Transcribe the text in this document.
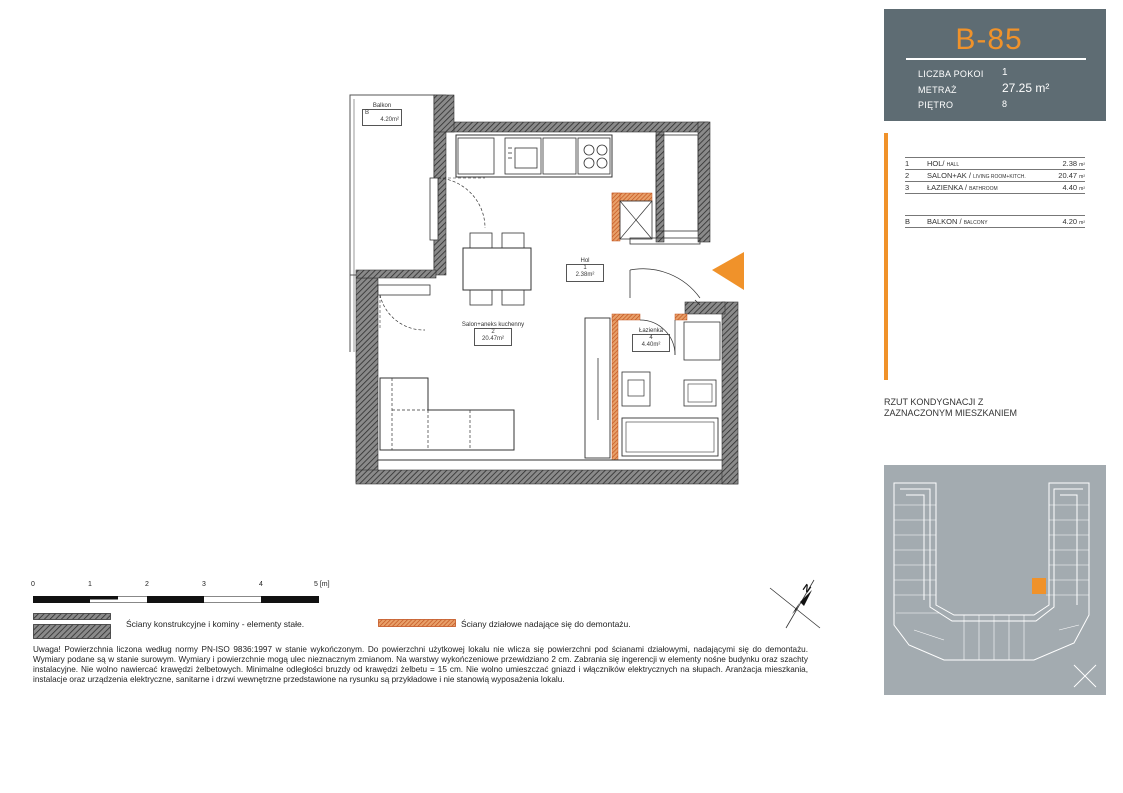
Balkon
B
4.20m²
Hol
1
2.38m²
Salon+aneks kuchenny
2
20.47m²
Łazienka
4
4.40m²
B-85
LICZBA POKOI 1
METRAŻ	27.25 m²
PIĘTRO	8
1 HOL/ HALL	2.38 m²
2 SALON+AK / LIVING ROOM+KITCH.	20.47 m²
3 ŁAZIENKA / BATHROOM	4.40 m²
B BALKON / BALCONY	4.20 m²
RZUT KONDYGNACJI Z
ZAZNACZONYM MIESZKANIEM
0	1	2	3	4	5 [m]
Ściany konstrukcyjne i kominy - elementy stałe.	Ściany działowe nadające się do demontażu.
N
Uwaga! Powierzchnia liczona według normy PN-ISO 9836:1997 w stanie wykończonym. Do powierzchni użytkowej lokalu nie wlicza się powierzchni pod ścianami działowymi, nadającymi się do demontażu. Wymiary podane są w stanie surowym. Wymiary i powierzchnie mogą ulec nieznacznym zmianom. Na warstwy wykończeniowe przewidziano 2 cm. Zabrania się ingerencji w elementy nośne budynku oraz szachty instalacyjne. Nie wolno nawiercać krawędzi żelbetowych. Minimalne odległości bruzdy od krawędzi żelbetu = 15 cm. Nie wolno umieszczać gniazd i włączników elektrycznych na słupach. Aranżacja mieszkania, instalacje oraz urządzenia elektryczne, sanitarne i drzwi wewnętrzne przedstawione na rysunku są przykładowe i nie stanowią wyposażenia lokalu.
